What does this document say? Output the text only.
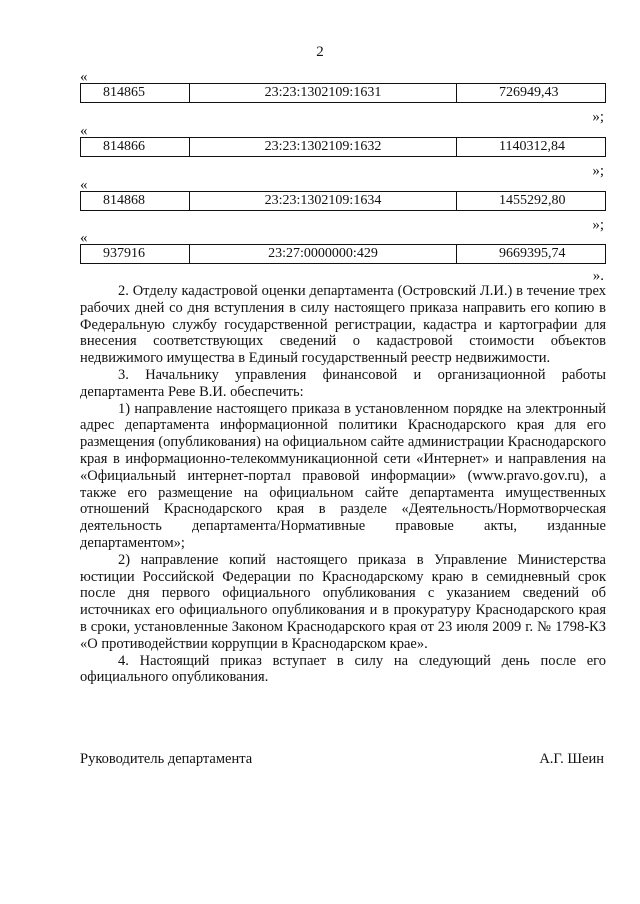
2
«
814865	23:23:1302109:1631	726949,43
»;
«
814866	23:23:1302109:1632	1140312,84
»;
«
814868	23:23:1302109:1634	1455292,80
»;
«
937916	23:27:0000000:429	9669395,74
».

2. Отделу кадастровой оценки департамента (Островский Л.И.) в течение трех рабочих дней со дня вступления в силу настоящего приказа направить его копию в Федеральную службу государственной регистрации, кадастра и картографии для внесения соответствующих сведений о кадастровой стоимости объектов недвижимого имущества в Единый государственный реестр недвижимости.

3. Начальнику управления финансовой и организационной работы департамента Реве В.И. обеспечить:

1) направление настоящего приказа в установленном порядке на электронный адрес департамента информационной политики Краснодарского края для его размещения (опубликования) на официальном сайте администрации Краснодарского края в информационно-телекоммуникационной сети «Интернет» и направления на «Официальный интернет-портал правовой информации» (www.pravo.gov.ru), а также его размещение на официальном сайте департамента имущественных отношений Краснодарского края в разделе «Деятельность/Нормотворческая деятельность департамента/Нормативные правовые акты, изданные департаментом»;

2) направление копий настоящего приказа в Управление Министерства юстиции Российской Федерации по Краснодарскому краю в семидневный срок после дня первого официального опубликования с указанием сведений об источниках его официального опубликования и в прокуратуру Краснодарского края в сроки, установленные Законом Краснодарского края от 23 июля 2009 г. № 1798-КЗ «О противодействии коррупции в Краснодарском крае».

4. Настоящий приказ вступает в силу на следующий день после его официального опубликования.

Руководитель департамента	А.Г. Шеин
